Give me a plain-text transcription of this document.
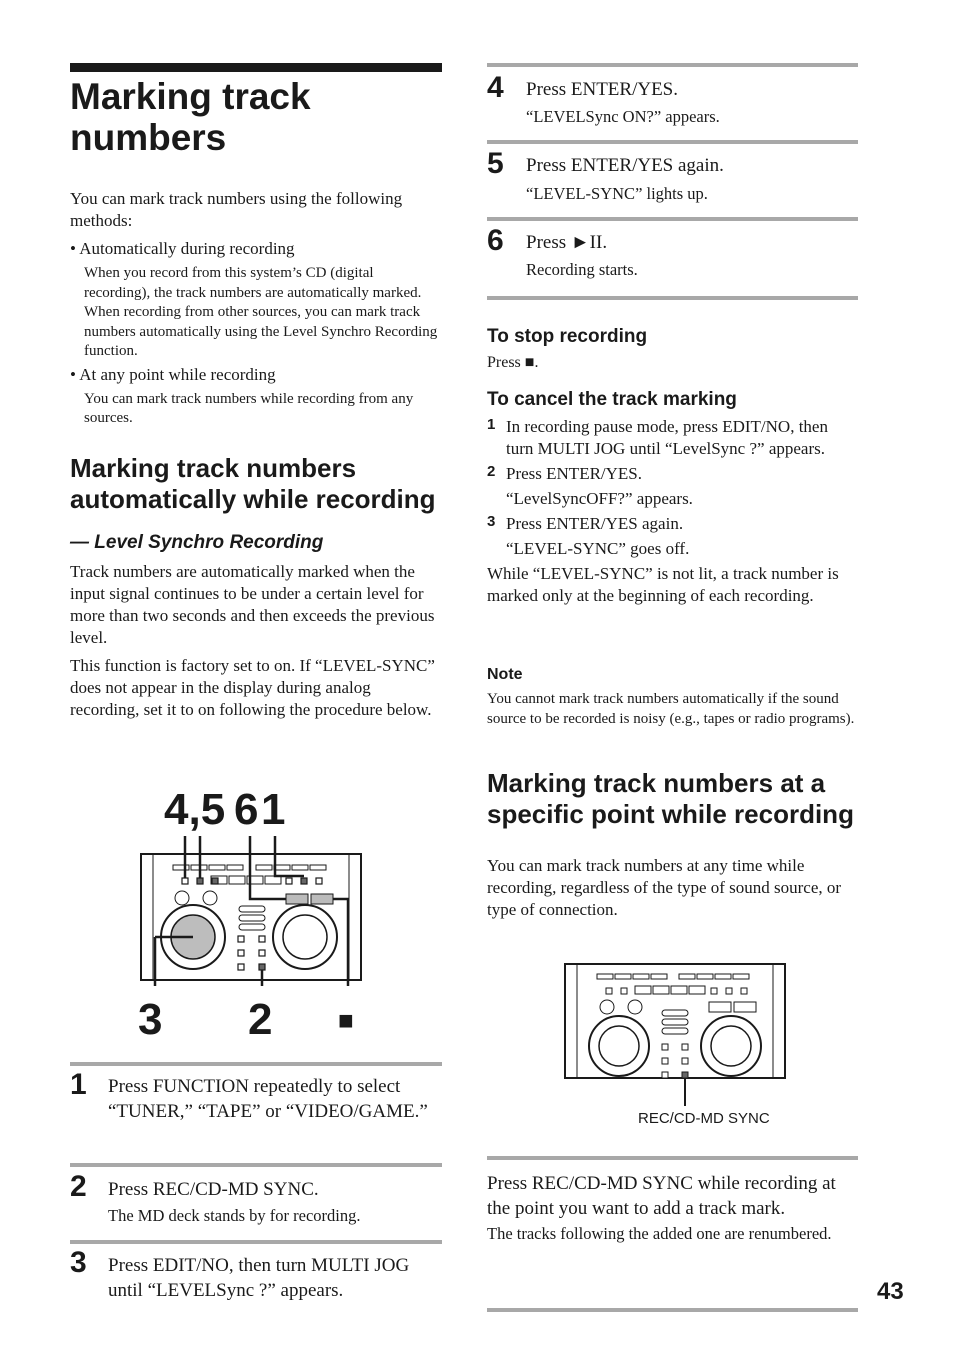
Marking track numbers

You can mark track numbers using the following methods:

• Automatically during recording

When you record from this system’s CD (digital recording), the track numbers are automatically marked. When recording from other sources, you can mark track numbers automatically using the Level Synchro Recording function.

• At any point while recording

You can mark track numbers while recording from any sources.

Marking track numbers automatically while recording

— Level Synchro Recording

Track numbers are automatically marked when the input signal continues to be under a certain level for more than two seconds and then exceeds the previous level.

This function is factory set to on. If “LEVEL-SYNC” does not appear in the display during analog recording, set it to on following the procedure below.

4,5 6 1
3 2	■
1 Press FUNCTION repeatedly to select “TUNER,” “TAPE” or “VIDEO/GAME.”
2 Press REC/CD-MD SYNC.
The MD deck stands by for recording.
3 Press EDIT/NO, then turn MULTI JOG until “LEVELSync ?” appears.
4 Press ENTER/YES.
“LEVELSync ON?” appears.
5 Press ENTER/YES again.
“LEVEL-SYNC” lights up.
6 Press ►II.
Recording starts.

To stop recording

Press ■.

To cancel the track marking

1 In recording pause mode, press EDIT/NO, then turn MULTI JOG until “LevelSync ?” appears.
2 Press ENTER/YES.

“LevelSyncOFF?” appears.

3 Press ENTER/YES again.

“LEVEL-SYNC” goes off.

While “LEVEL-SYNC” is not lit, a track number is marked only at the beginning of each recording.

Note

You cannot mark track numbers automatically if the sound source to be recorded is noisy (e.g., tapes or radio programs).

Marking track numbers at a specific point while recording

You can mark track numbers at any time while recording, regardless of the type of sound source, or type of connection.

REC/CD-MD SYNC

Press REC/CD-MD SYNC while recording at the point you want to add a track mark.

The tracks following the added one are renumbered.

43
